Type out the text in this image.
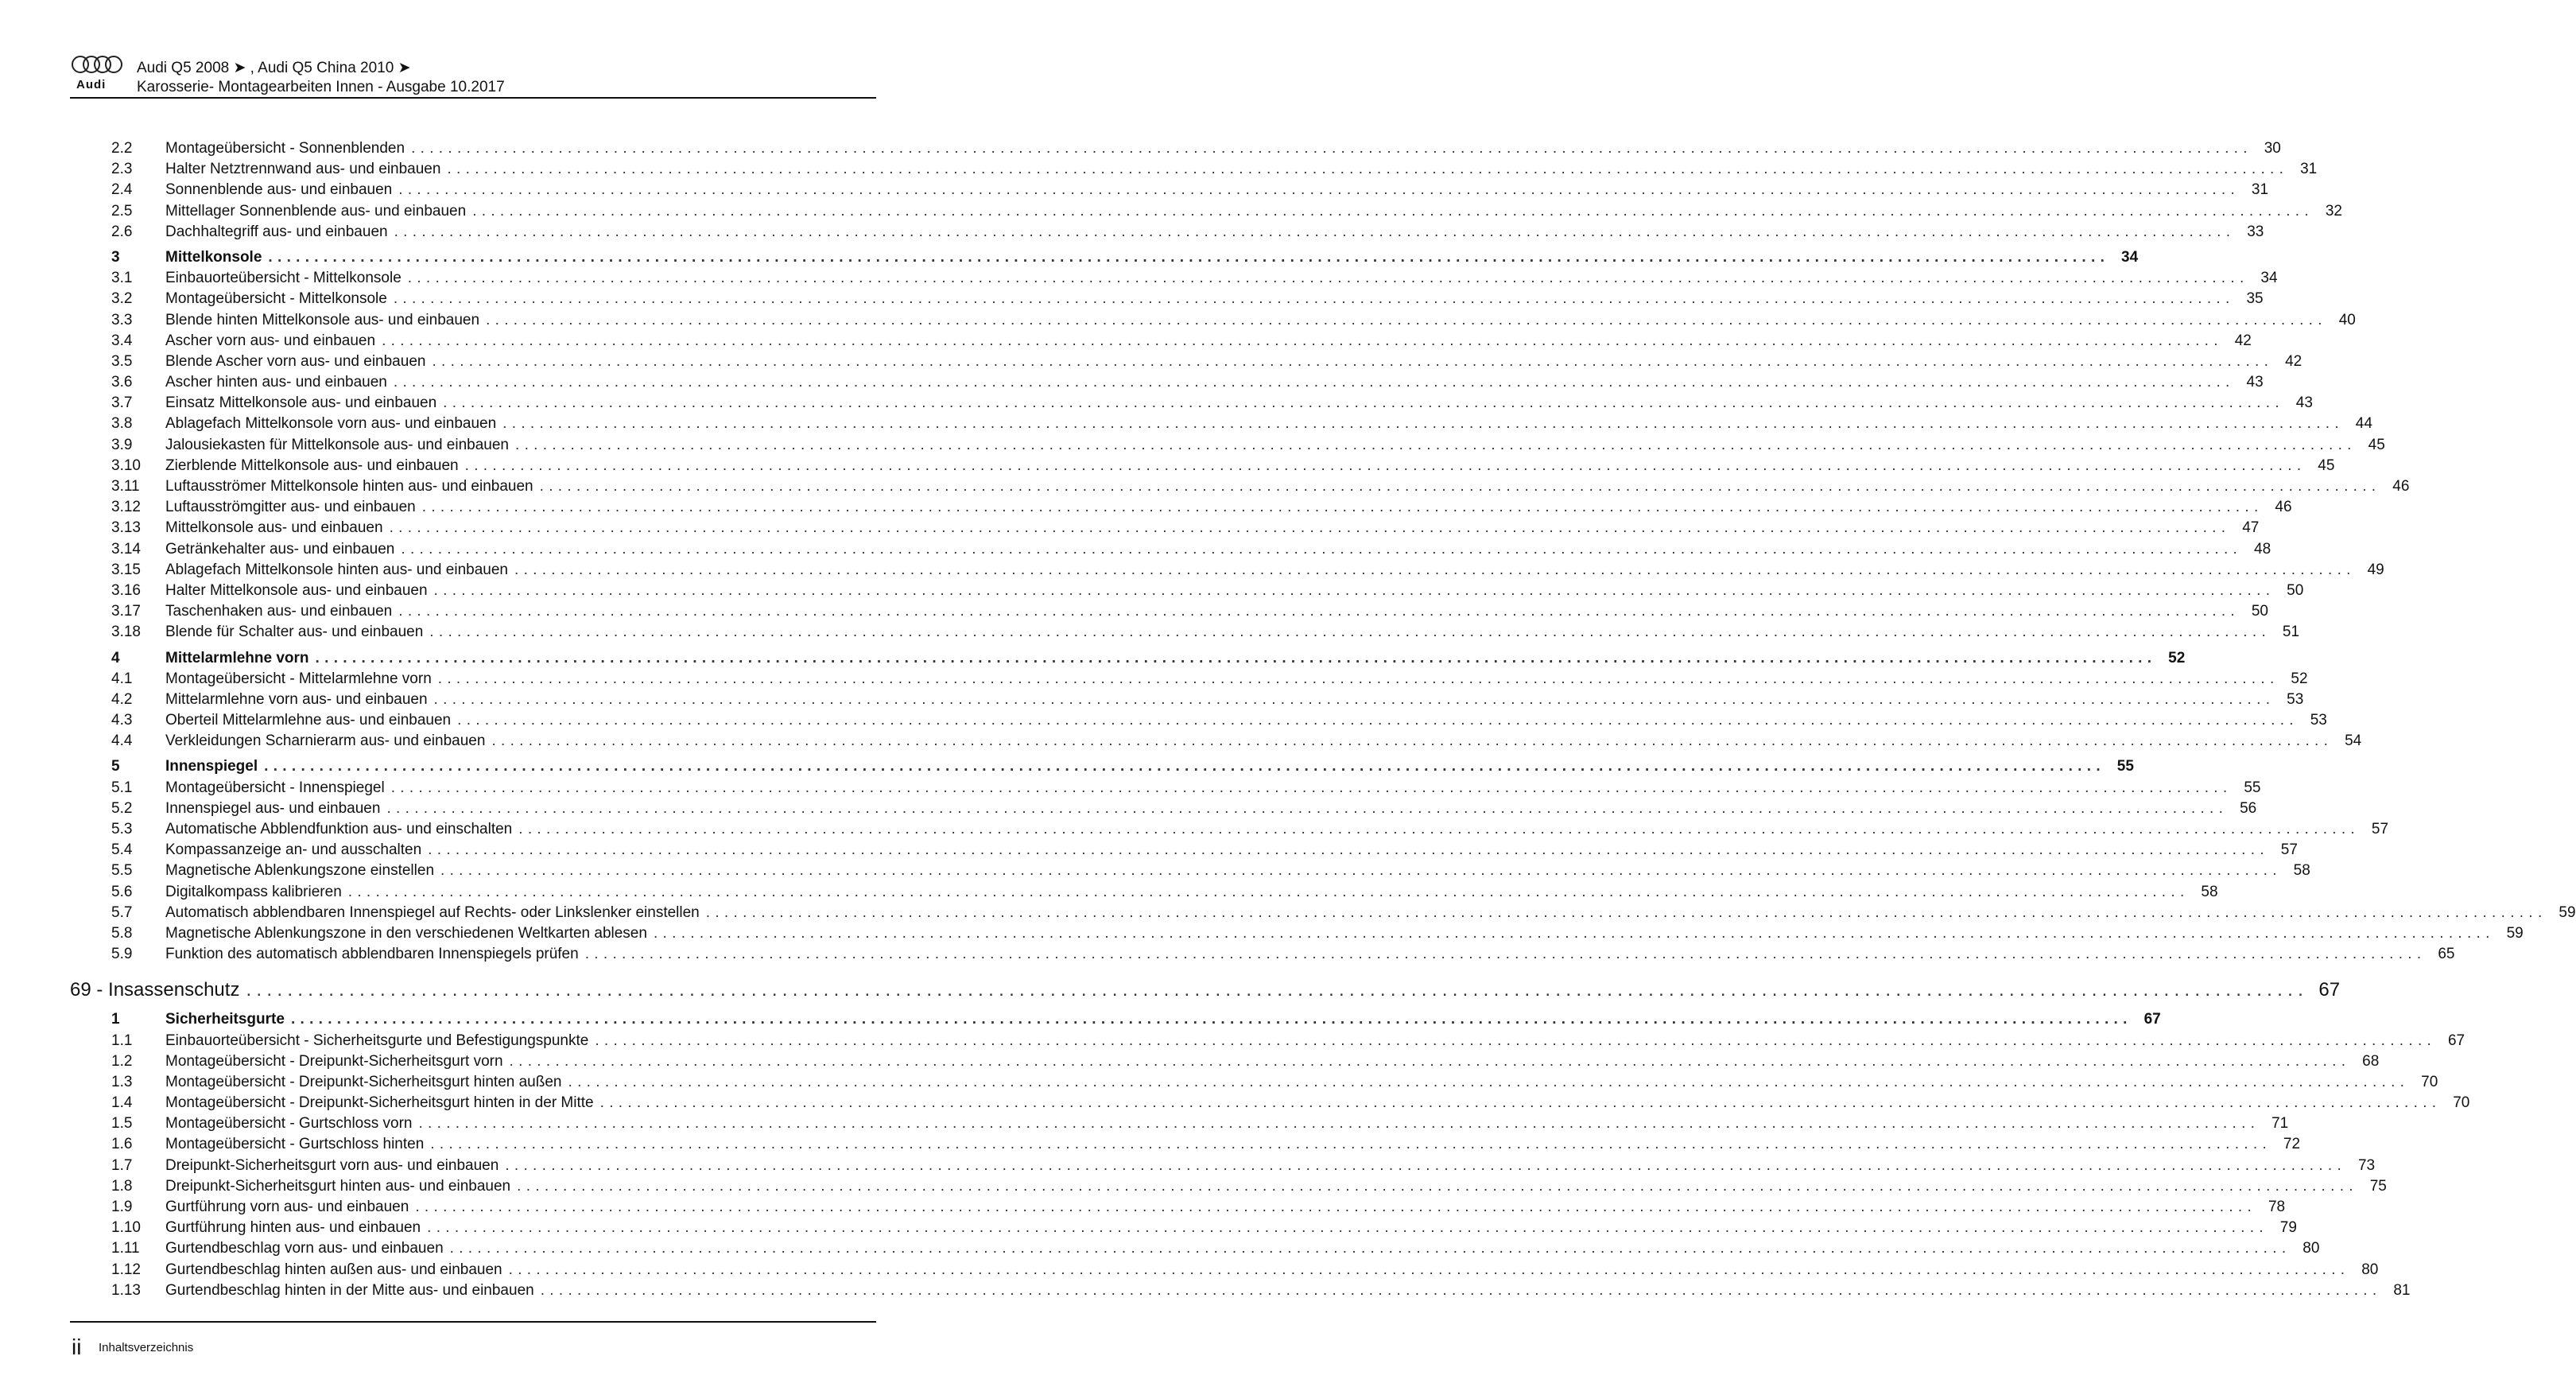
Audi
Audi Q5 2008 ➤ , Audi Q5 China 2010 ➤
Karosserie- Montagearbeiten Innen - Ausgabe 10.2017
2.2	Montageübersicht - Sonnenblenden ........................................................................................................................................................................................................ 30
2.3	Halter Netztrennwand aus- und einbauen ........................................................................................................................................................................................................ 31
2.4	Sonnenblende aus- und einbauen ........................................................................................................................................................................................................ 31
2.5	Mittellager Sonnenblende aus- und einbauen ........................................................................................................................................................................................................ 32
2.6	Dachhaltegriff aus- und einbauen ........................................................................................................................................................................................................ 33
3	Mittelkonsole ........................................................................................................................................................................................................ 34
3.1	Einbauorteübersicht - Mittelkonsole ........................................................................................................................................................................................................ 34
3.2	Montageübersicht - Mittelkonsole ........................................................................................................................................................................................................ 35
3.3	Blende hinten Mittelkonsole aus- und einbauen ........................................................................................................................................................................................................ 40
3.4	Ascher vorn aus- und einbauen ........................................................................................................................................................................................................ 42
3.5	Blende Ascher vorn aus- und einbauen ........................................................................................................................................................................................................ 42
3.6	Ascher hinten aus- und einbauen ........................................................................................................................................................................................................ 43
3.7	Einsatz Mittelkonsole aus- und einbauen ........................................................................................................................................................................................................ 43
3.8	Ablagefach Mittelkonsole vorn aus- und einbauen ........................................................................................................................................................................................................ 44
3.9	Jalousiekasten für Mittelkonsole aus- und einbauen ........................................................................................................................................................................................................ 45
3.10	Zierblende Mittelkonsole aus- und einbauen ........................................................................................................................................................................................................ 45
3.11	Luftausströmer Mittelkonsole hinten aus- und einbauen ........................................................................................................................................................................................................ 46
3.12	Luftausströmgitter aus- und einbauen ........................................................................................................................................................................................................ 46
3.13	Mittelkonsole aus- und einbauen ........................................................................................................................................................................................................ 47
3.14	Getränkehalter aus- und einbauen ........................................................................................................................................................................................................ 48
3.15	Ablagefach Mittelkonsole hinten aus- und einbauen ........................................................................................................................................................................................................ 49
3.16	Halter Mittelkonsole aus- und einbauen ........................................................................................................................................................................................................ 50
3.17	Taschenhaken aus- und einbauen ........................................................................................................................................................................................................ 50
3.18	Blende für Schalter aus- und einbauen ........................................................................................................................................................................................................ 51
4	Mittelarmlehne vorn ........................................................................................................................................................................................................ 52
4.1	Montageübersicht - Mittelarmlehne vorn ........................................................................................................................................................................................................ 52
4.2	Mittelarmlehne vorn aus- und einbauen ........................................................................................................................................................................................................ 53
4.3	Oberteil Mittelarmlehne aus- und einbauen ........................................................................................................................................................................................................ 53
4.4	Verkleidungen Scharnierarm aus- und einbauen ........................................................................................................................................................................................................ 54
5	Innenspiegel ........................................................................................................................................................................................................ 55
5.1	Montageübersicht - Innenspiegel ........................................................................................................................................................................................................ 55
5.2	Innenspiegel aus- und einbauen ........................................................................................................................................................................................................ 56
5.3	Automatische Abblendfunktion aus- und einschalten ........................................................................................................................................................................................................ 57
5.4	Kompassanzeige an- und ausschalten ........................................................................................................................................................................................................ 57
5.5	Magnetische Ablenkungszone einstellen ........................................................................................................................................................................................................ 58
5.6	Digitalkompass kalibrieren ........................................................................................................................................................................................................ 58
5.7	Automatisch abblendbaren Innenspiegel auf Rechts- oder Linkslenker einstellen ........................................................................................................................................................................................................ 59
5.8	Magnetische Ablenkungszone in den verschiedenen Weltkarten ablesen ........................................................................................................................................................................................................ 59
5.9	Funktion des automatisch abblendbaren Innenspiegels prüfen ........................................................................................................................................................................................................ 65
69 - Insassenschutz ........................................................................................................................................................................................................ 67
1	Sicherheitsgurte ........................................................................................................................................................................................................ 67
1.1	Einbauorteübersicht - Sicherheitsgurte und Befestigungspunkte ........................................................................................................................................................................................................ 67
1.2	Montageübersicht - Dreipunkt-Sicherheitsgurt vorn ........................................................................................................................................................................................................ 68
1.3	Montageübersicht - Dreipunkt-Sicherheitsgurt hinten außen ........................................................................................................................................................................................................ 70
1.4	Montageübersicht - Dreipunkt-Sicherheitsgurt hinten in der Mitte ........................................................................................................................................................................................................ 70
1.5	Montageübersicht - Gurtschloss vorn ........................................................................................................................................................................................................ 71
1.6	Montageübersicht - Gurtschloss hinten ........................................................................................................................................................................................................ 72
1.7	Dreipunkt-Sicherheitsgurt vorn aus- und einbauen ........................................................................................................................................................................................................ 73
1.8	Dreipunkt-Sicherheitsgurt hinten aus- und einbauen ........................................................................................................................................................................................................ 75
1.9	Gurtführung vorn aus- und einbauen ........................................................................................................................................................................................................ 78
1.10	Gurtführung hinten aus- und einbauen ........................................................................................................................................................................................................ 79
1.11	Gurtendbeschlag vorn aus- und einbauen ........................................................................................................................................................................................................ 80
1.12	Gurtendbeschlag hinten außen aus- und einbauen ........................................................................................................................................................................................................ 80
1.13	Gurtendbeschlag hinten in der Mitte aus- und einbauen ........................................................................................................................................................................................................ 81
ii Inhaltsverzeichnis
